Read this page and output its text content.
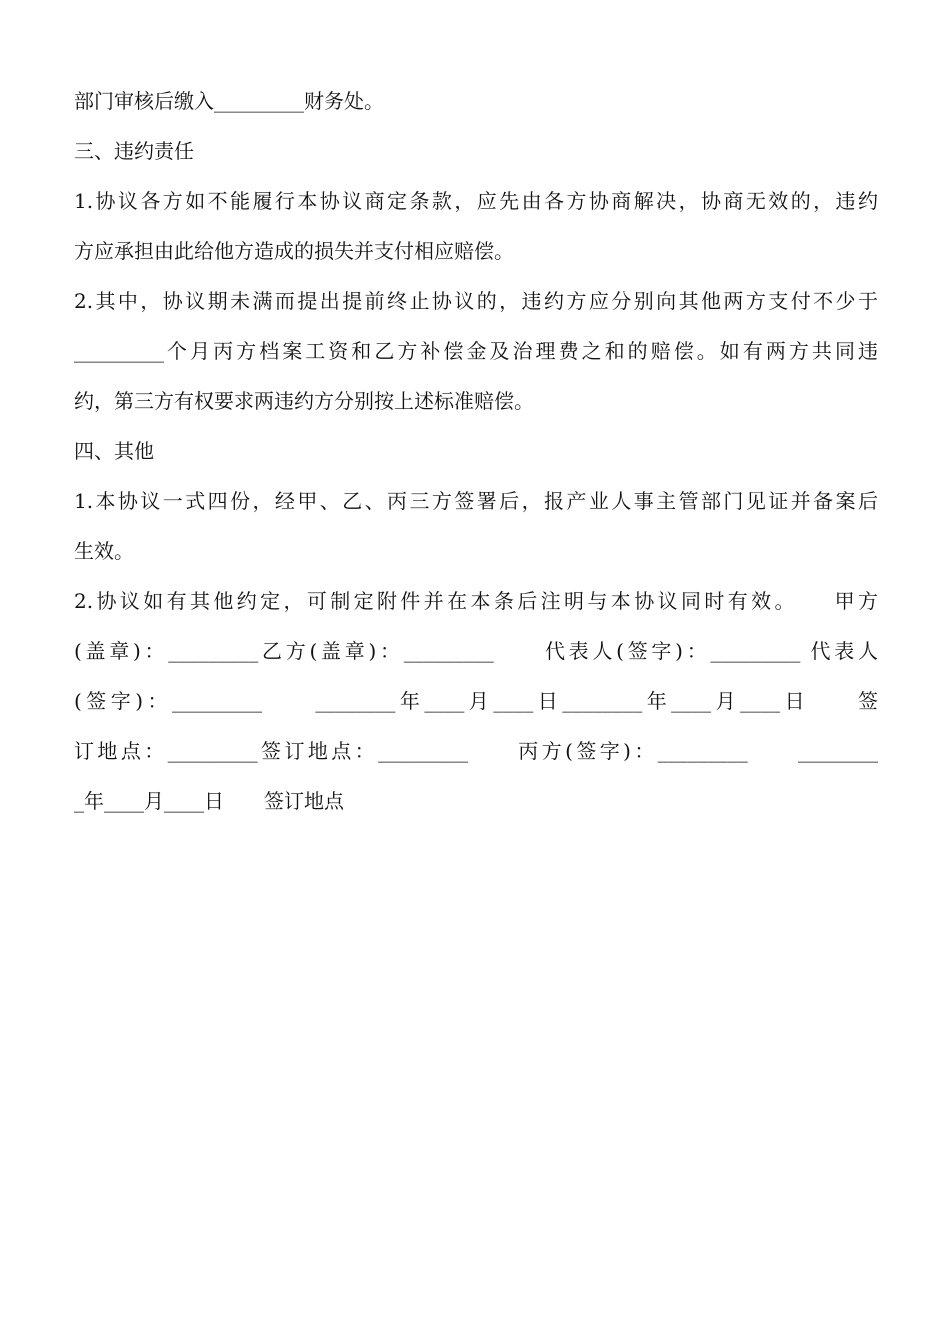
部门审核后缴入_________财务处。
三、违约责任
1.协议各方如不能履行本协议商定条款，应先由各方协商解决，协商无效的，违约
方应承担由此给他方造成的损失并支付相应赔偿。
2.其中，协议期未满而提出提前终止协议的，违约方应分别向其他两方支付不少于
_________个月丙方档案工资和乙方补偿金及治理费之和的赔偿。如有两方共同违
约，第三方有权要求两违约方分别按上述标准赔偿。
四、其他
1.本协议一式四份，经甲、乙、丙三方签署后，报产业人事主管部门见证并备案后
生效。
2.协议如有其他约定，可制定附件并在本条后注明与本协议同时有效。　　甲方
(盖章)：_________乙方(盖章)：_________　　代表人(签字)：_________ 代表人
(签字)：_________　　________年____月____日________年____月____日　　签
订地点：_________签订地点：_________　　丙方(签字)：_________　　________
_年____月____日　　签订地点
